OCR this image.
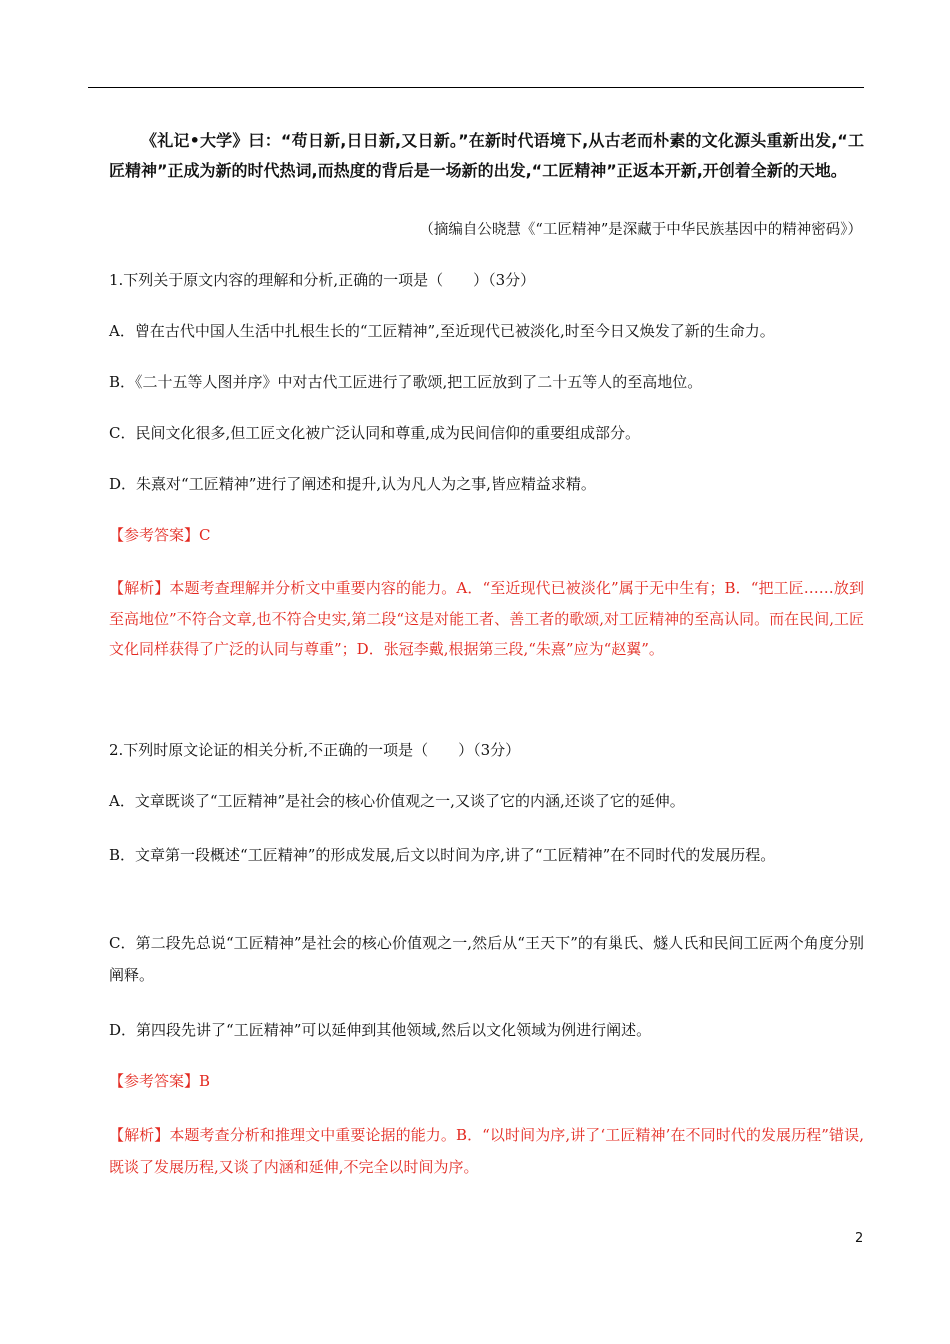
《礼记•大学》曰：“苟日新,日日新,又日新。”在新时代语境下,从古老而朴素的文化源头重新出发,“工匠精神”正成为新的时代热词,而热度的背后是一场新的出发,“工匠精神”正返本开新,开创着全新的天地。
（摘编自公晓慧《“工匠精神”是深藏于中华民族基因中的精神密码》）
1.下列关于原文内容的理解和分析,正确的一项是（　　）（3分）
A．曾在古代中国人生活中扎根生长的“工匠精神”,至近现代已被淡化,时至今日又焕发了新的生命力。
B．《二十五等人图并序》中对古代工匠进行了歌颂,把工匠放到了二十五等人的至高地位。
C．民间文化很多,但工匠文化被广泛认同和尊重,成为民间信仰的重要组成部分。
D．朱熹对“工匠精神”进行了阐述和提升,认为凡人为之事,皆应精益求精。
【参考答案】C
【解析】本题考查理解并分析文中重要内容的能力。A．“至近现代已被淡化”属于无中生有；B．“把工匠……放到至高地位”不符合文章,也不符合史实,第二段“这是对能工者、善工者的歌颂,对工匠精神的至高认同。而在民间,工匠文化同样获得了广泛的认同与尊重”；D．张冠李戴,根据第三段,“朱熹”应为“赵翼”。
2.下列时原文论证的相关分析,不正确的一项是（　　）（3分）
A．文章既谈了“工匠精神”是社会的核心价值观之一,又谈了它的内涵,还谈了它的延伸。
B．文章第一段概述“工匠精神”的形成发展,后文以时间为序,讲了“工匠精神”在不同时代的发展历程。
C．第二段先总说“工匠精神”是社会的核心价值观之一,然后从“王天下”的有巢氏、燧人氏和民间工匠两个角度分别阐释。
D．第四段先讲了“工匠精神”可以延伸到其他领域,然后以文化领域为例进行阐述。
【参考答案】B
【解析】本题考查分析和推理文中重要论据的能力。B．“以时间为序,讲了‘工匠精神’在不同时代的发展历程”错误,既谈了发展历程,又谈了内涵和延伸,不完全以时间为序。
2
